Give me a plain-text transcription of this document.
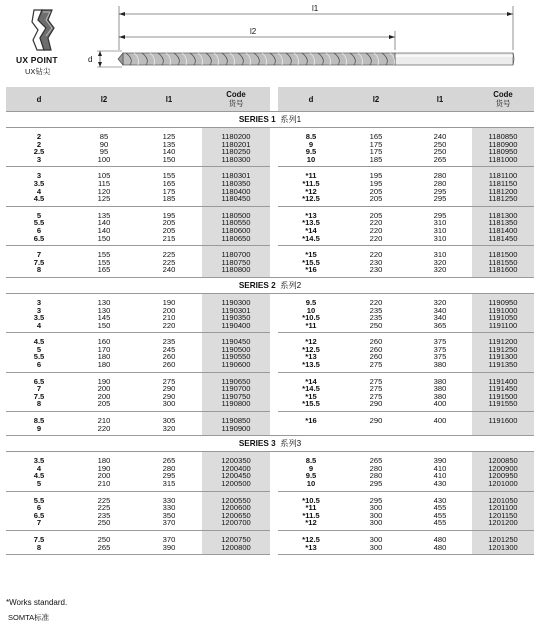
UX POINT
UX钻尖
l1
l2
d
d	l2	l1	Code
货号		d	l2	l1	Code
货号
SERIES 1 系列1								

2	85	125	1180200		8.5	165	240	1180850
2	90	135	1180201		9	175	250	1180900
2.5	95	140	1180250		9.5	175	250	1180950
3	100	150	1180300		10	185	265	1181000

3	105	155	1180301		*11	195	280	1181100
3.5	115	165	1180350		*11.5	195	280	1181150
4	120	175	1180400		*12	205	295	1181200
4.5	125	185	1180450		*12.5	205	295	1181250

5	135	195	1180500		*13	205	295	1181300
5.5	140	205	1180550		*13.5	220	310	1181350
6	140	205	1180600		*14	220	310	1181400
6.5	150	215	1180650		*14.5	220	310	1181450

7	155	225	1180700		*15	220	310	1181500
7.5	155	225	1180750		*15.5	230	320	1181550
8	165	240	1180800		*16	230	320	1181600

SERIES 2 系列2								

3	130	190	1190300		9.5	220	320	1190950
3	130	200	1190301		10	235	340	1191000
3.5	145	210	1190350		*10.5	235	340	1191050
4	150	220	1190400		*11	250	365	1191100

4.5	160	235	1190450		*12	260	375	1191200
5	170	245	1190500		*12.5	260	375	1191250
5.5	180	260	1190550		*13	260	375	1191300
6	180	260	1190600		*13.5	275	380	1191350

6.5	190	275	1190650		*14	275	380	1191400
7	200	290	1190700		*14.5	275	380	1191450
7.5	200	290	1190750		*15	275	380	1191500
8	205	300	1190800		*15.5	290	400	1191550

8.5	210	305	1190850		*16	290	400	1191600
9	220	320	1190900					

SERIES 3 系列3								

3.5	180	265	1200350		8.5	265	390	1200850
4	190	280	1200400		9	280	410	1200900
4.5	200	295	1200450		9.5	280	410	1200950
5	210	315	1200500		10	295	430	1201000

5.5	225	330	1200550		*10.5	295	430	1201050
6	225	330	1200600		*11	300	455	1201100
6.5	235	350	1200650		*11.5	300	455	1201150
7	250	370	1200700		*12	300	455	1201200

7.5	250	370	1200750		*12.5	300	480	1201250
8	265	390	1200800		*13	300	480	1201300

*Works standard.
SOMTA标准
